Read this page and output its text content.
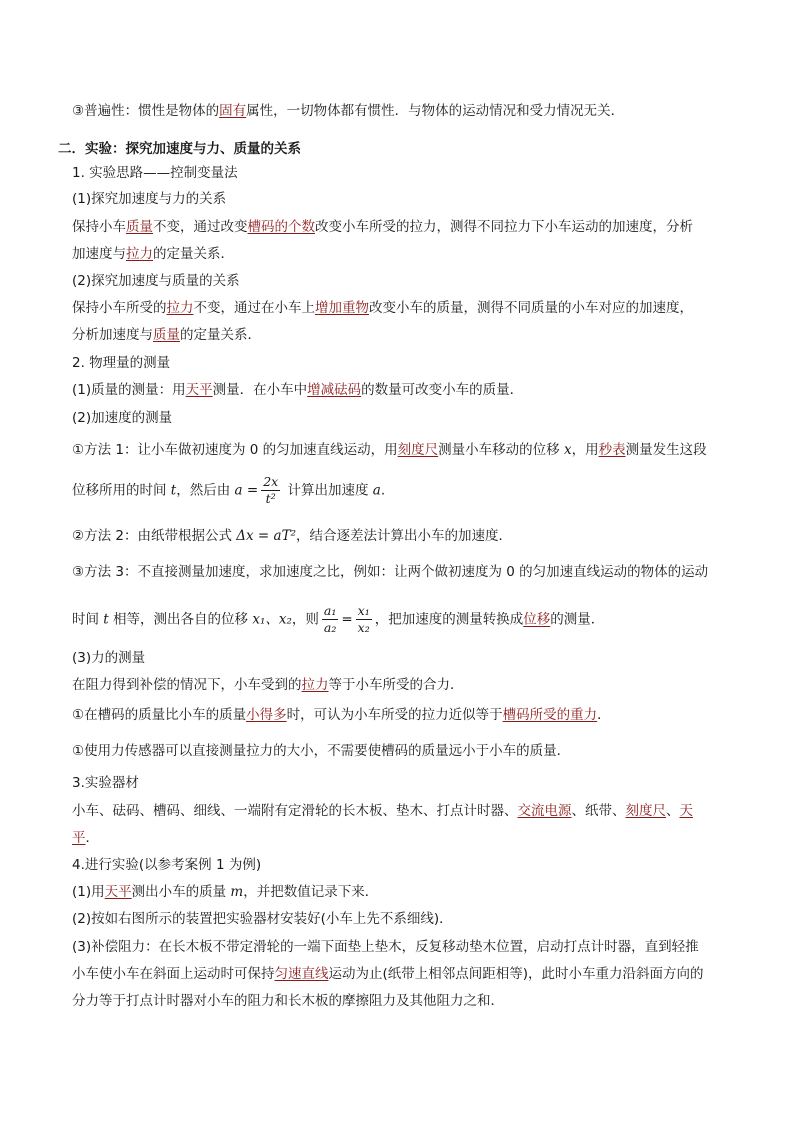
③普遍性：惯性是物体的固有属性，一切物体都有惯性．与物体的运动情况和受力情况无关．
二．实验：探究加速度与力、质量的关系
1. 实验思路——控制变量法
(1)探究加速度与力的关系
保持小车质量不变，通过改变槽码的个数改变小车所受的拉力，测得不同拉力下小车运动的加速度，分析
加速度与拉力的定量关系．
(2)探究加速度与质量的关系
保持小车所受的拉力不变，通过在小车上增加重物改变小车的质量，测得不同质量的小车对应的加速度，
分析加速度与质量的定量关系．
2. 物理量的测量
(1)质量的测量：用天平测量．在小车中增减砝码的数量可改变小车的质量．
(2)加速度的测量
①方法 1：让小车做初速度为 0 的匀加速直线运动，用刻度尺测量小车移动的位移 x，用秒表测量发生这段
位移所用的时间 t，然后由 $a = \frac{2x}{\text{t²}}$ 计算出加速度 a.
②方法 2：由纸带根据公式 Δx = aT²，结合逐差法计算出小车的加速度．
③方法 3：不直接测量加速度，求加速度之比，例如：让两个做初速度为 0 的匀加速直线运动的物体的运动
时间 t 相等，测出各自的位移 x₁、x₂，则 $\frac{\text{a₁}}{\text{a₂}} = \frac{\text{x₁}}{\text{x₂}}$ ，把加速度的测量转换成位移的测量．
(3)力的测量
在阻力得到补偿的情况下，小车受到的拉力等于小车所受的合力．
①在槽码的质量比小车的质量小得多时，可认为小车所受的拉力近似等于槽码所受的重力．
①使用力传感器可以直接测量拉力的大小，不需要使槽码的质量远小于小车的质量．
3.实验器材
小车、砝码、槽码、细线、一端附有定滑轮的长木板、垫木、打点计时器、交流电源、纸带、刻度尺、天
平．
4.进行实验(以参考案例 1 为例)
(1)用天平测出小车的质量 m，并把数值记录下来．
(2)按如右图所示的装置把实验器材安装好(小车上先不系细线)．
(3)补偿阻力：在长木板不带定滑轮的一端下面垫上垫木，反复移动垫木位置，启动打点计时器，直到轻推
小车使小车在斜面上运动时可保持匀速直线运动为止(纸带上相邻点间距相等)，此时小车重力沿斜面方向的
分力等于打点计时器对小车的阻力和长木板的摩擦阻力及其他阻力之和．
